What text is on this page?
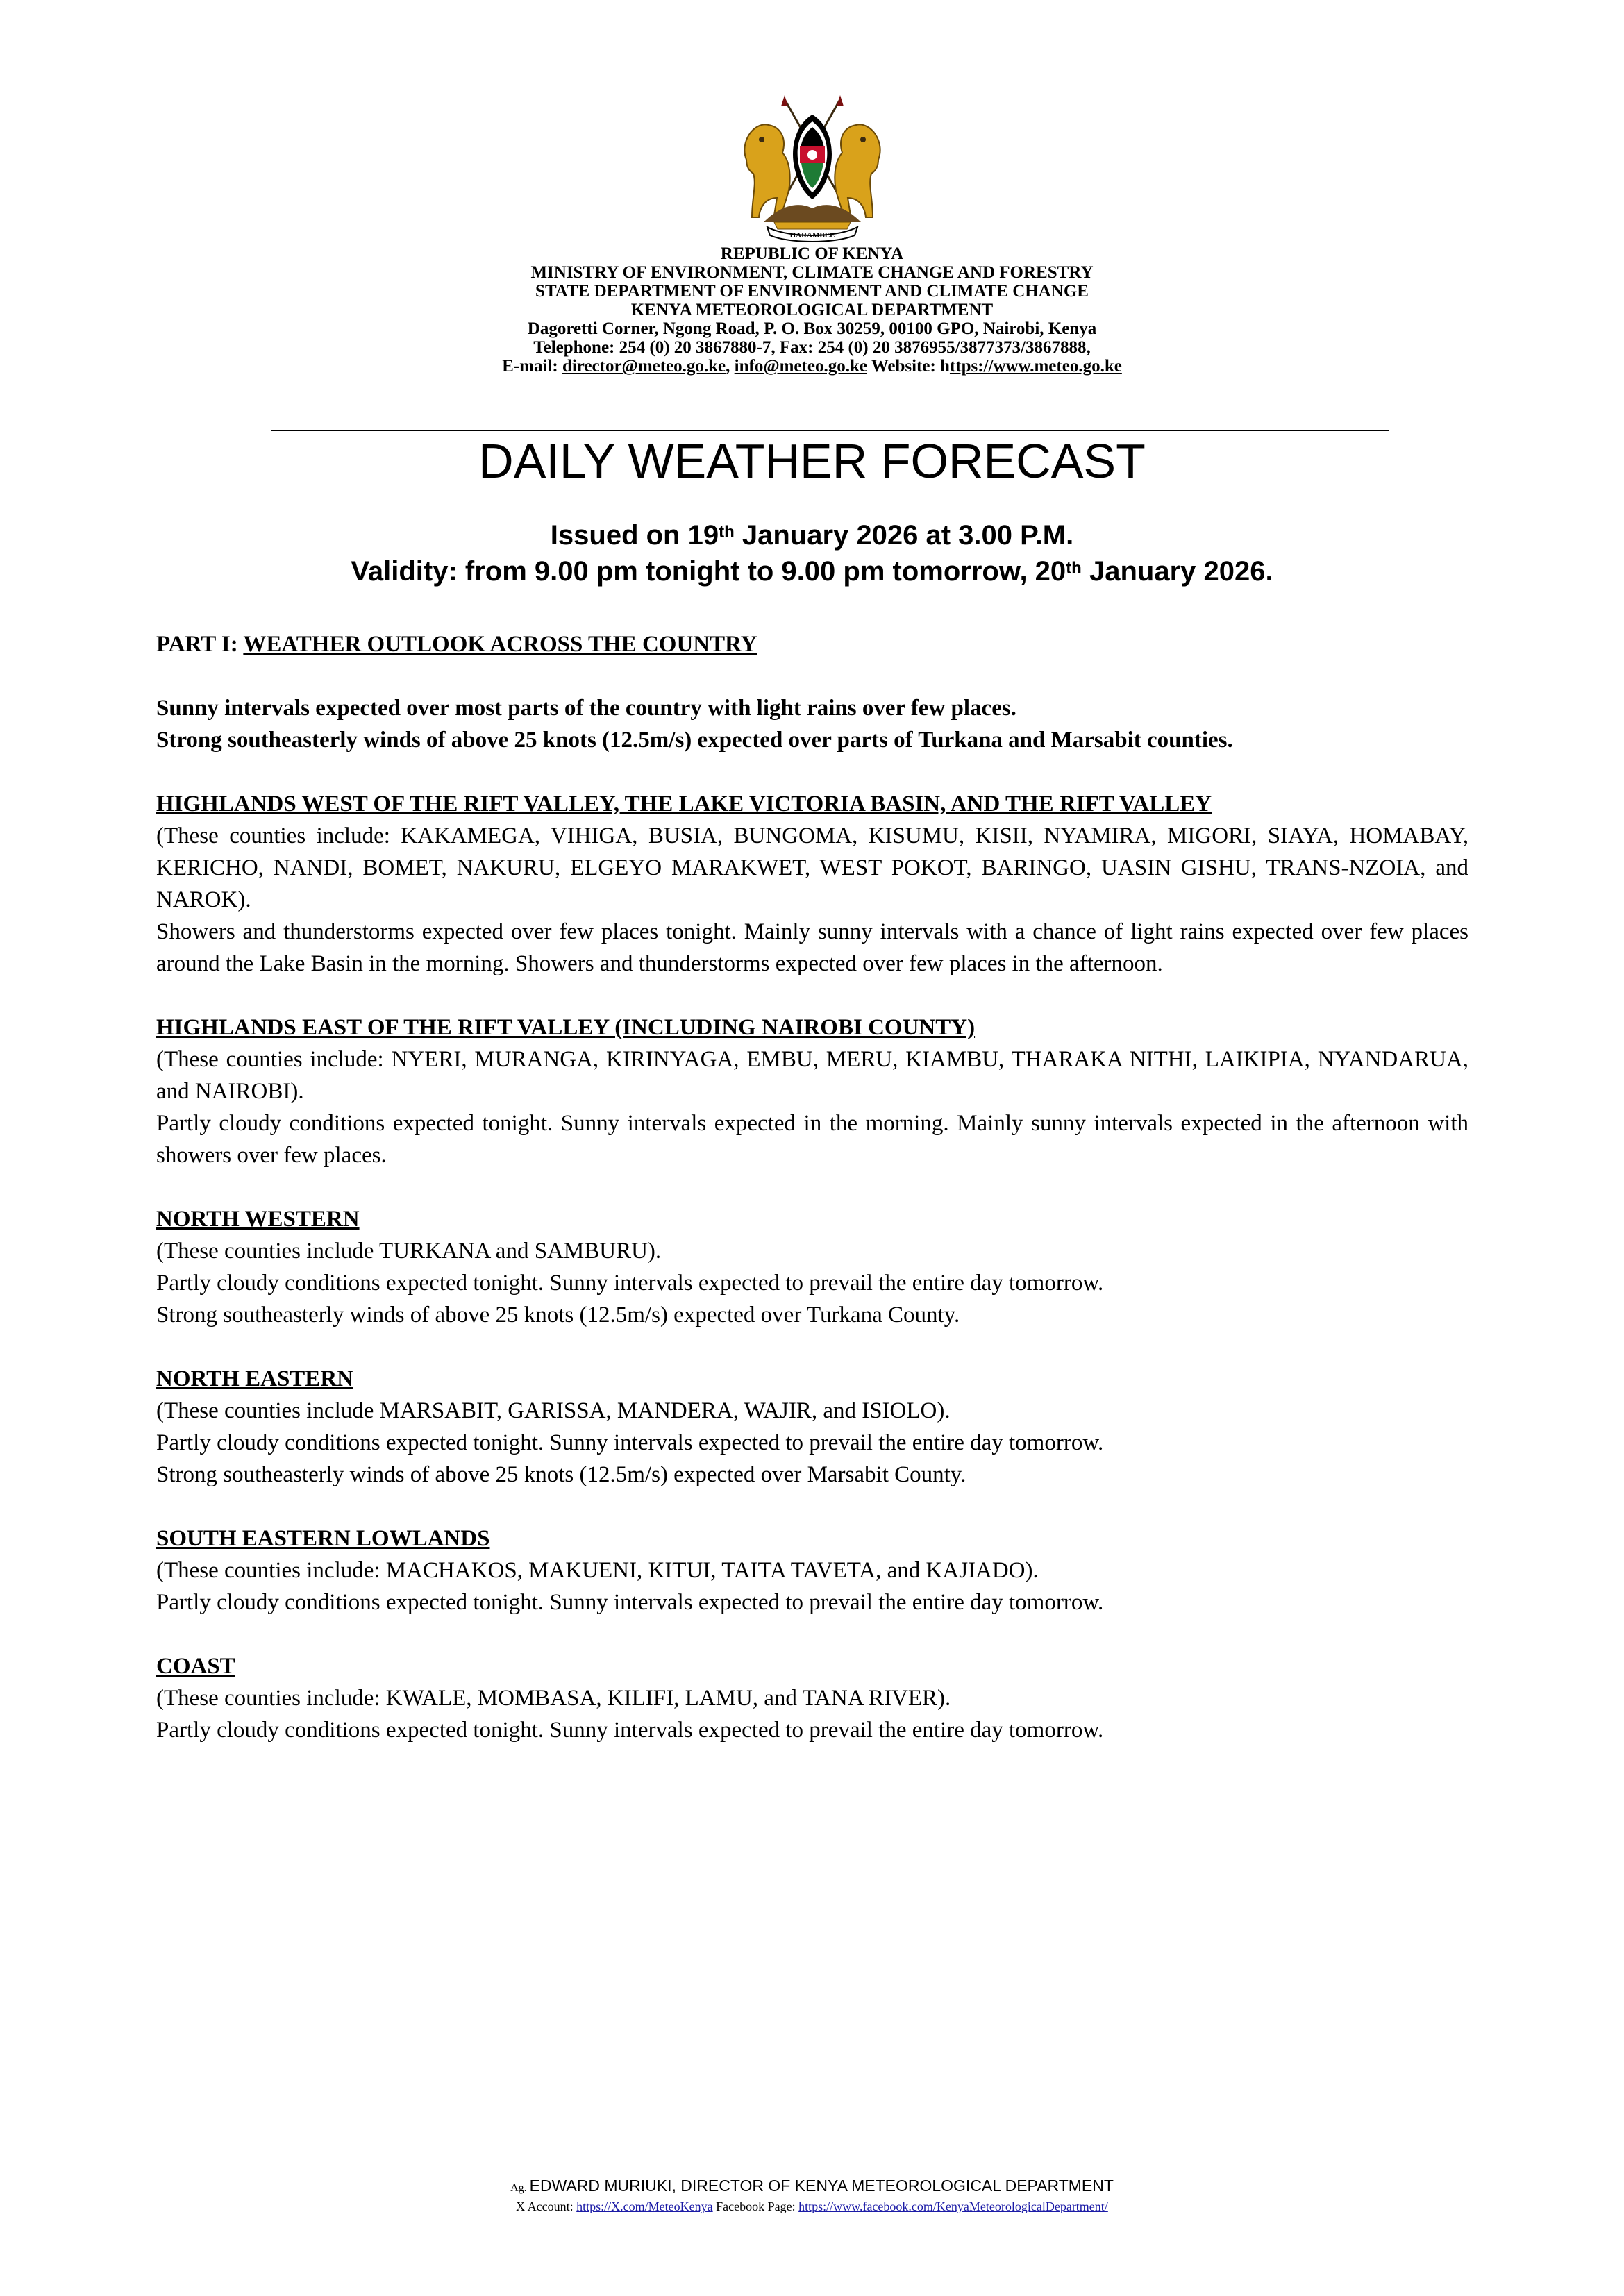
HARAMBEE
REPUBLIC OF KENYA
MINISTRY OF ENVIRONMENT, CLIMATE CHANGE AND FORESTRY
STATE DEPARTMENT OF ENVIRONMENT AND CLIMATE CHANGE
KENYA METEOROLOGICAL DEPARTMENT
Dagoretti Corner, Ngong Road, P. O. Box 30259, 00100 GPO, Nairobi, Kenya
Telephone: 254 (0) 20 3867880-7, Fax: 254 (0) 20 3876955/3877373/3867888,
E-mail: director@meteo.go.ke, info@meteo.go.ke Website: https://www.meteo.go.ke
DAILY WEATHER FORECAST
Issued on 19th January 2026 at 3.00 P.M.
Validity: from 9.00 pm tonight to 9.00 pm tomorrow, 20th January 2026.

PART I: WEATHER OUTLOOK ACROSS THE COUNTRY

Sunny intervals expected over most parts of the country with light rains over few places.
Strong southeasterly winds of above 25 knots (12.5m/s) expected over parts of Turkana and Marsabit counties.

HIGHLANDS WEST OF THE RIFT VALLEY, THE LAKE VICTORIA BASIN, AND THE RIFT VALLEY

(These counties include: KAKAMEGA, VIHIGA, BUSIA, BUNGOMA, KISUMU, KISII, NYAMIRA, MIGORI, SIAYA, HOMABAY, KERICHO, NANDI, BOMET, NAKURU, ELGEYO MARAKWET, WEST POKOT, BARINGO, UASIN GISHU, TRANS-NZOIA, and NAROK).

Showers and thunderstorms expected over few places tonight. Mainly sunny intervals with a chance of light rains expected over few places around the Lake Basin in the morning. Showers and thunderstorms expected over few places in the afternoon.

HIGHLANDS EAST OF THE RIFT VALLEY (INCLUDING NAIROBI COUNTY)

(These counties include: NYERI, MURANGA, KIRINYAGA, EMBU, MERU, KIAMBU, THARAKA NITHI, LAIKIPIA, NYANDARUA, and NAIROBI).

Partly cloudy conditions expected tonight. Sunny intervals expected in the morning. Mainly sunny intervals expected in the afternoon with showers over few places.

NORTH WESTERN

(These counties include TURKANA and SAMBURU).

Partly cloudy conditions expected tonight. Sunny intervals expected to prevail the entire day tomorrow.

Strong southeasterly winds of above 25 knots (12.5m/s) expected over Turkana County.

NORTH EASTERN

(These counties include MARSABIT, GARISSA, MANDERA, WAJIR, and ISIOLO).

Partly cloudy conditions expected tonight. Sunny intervals expected to prevail the entire day tomorrow.

Strong southeasterly winds of above 25 knots (12.5m/s) expected over Marsabit County.

SOUTH EASTERN LOWLANDS

(These counties include: MACHAKOS, MAKUENI, KITUI, TAITA TAVETA, and KAJIADO).

Partly cloudy conditions expected tonight. Sunny intervals expected to prevail the entire day tomorrow.

COAST

(These counties include: KWALE, MOMBASA, KILIFI, LAMU, and TANA RIVER).

Partly cloudy conditions expected tonight. Sunny intervals expected to prevail the entire day tomorrow.

Ag. EDWARD MURIUKI, DIRECTOR OF KENYA METEOROLOGICAL DEPARTMENT
X Account: https://X.com/MeteoKenya Facebook Page: https://www.facebook.com/KenyaMeteorologicalDepartment/
